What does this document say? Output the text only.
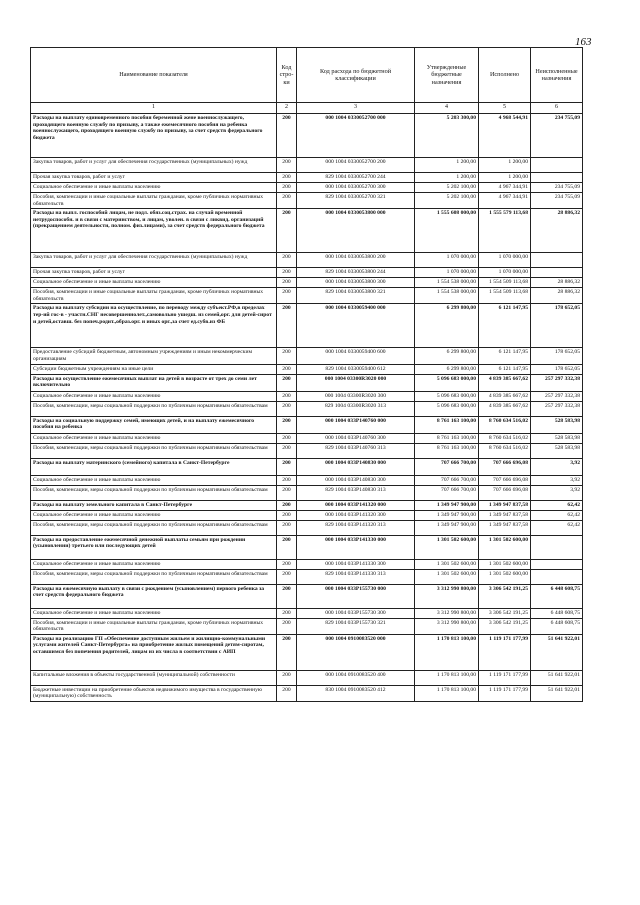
163
Наименование показателя	Код стро-ки	Код расхода по бюджетной классификации	Утвержденные бюджетные назначения	Исполнено	Неисполненные назначения
1	2	3	4	5	6
Расходы на выплату единовременного пособия беременной жене военнослужащего, проходящего военную службу по призыву, а также ежемесячного пособия на ребенка военнослужащего, проходящего военную службу по призыву, за счет средств федерального бюджета	200	000 1004 0330052700 000	5 203 300,00	4 968 544,91	234 755,09
Закупка товаров, работ и услуг для обеспечения государственных (муниципальных) нужд	200	000 1004 0330052700 200	1 200,00	1 200,00	
Прочая закупка товаров, работ и услуг	200	829 1004 0330052700 244	1 200,00	1 200,00	
Социальное обеспечение и иные выплаты населению	200	000 1004 0330052700 300	5 202 100,00	4 967 344,91	234 755,09
Пособия, компенсации и иные социальные выплаты гражданам, кроме публичных нормативных обязательств	200	829 1004 0330052700 321	5 202 100,00	4 967 344,91	234 755,09
Расходы на выпл. госпособий лицам, не подл. обяз.соц.страх. на случай временной нетрудоспособн. и в связи с материнством, и лицам, уволен. в связи с ликвид. организаций (прекращением деятельности, полном. физ.лицами), за счет средств федерального бюджета	200	000 1004 0330053800 000	1 555 608 000,00	1 555 579 113,68	28 886,32
Закупка товаров, работ и услуг для обеспечения государственных (муниципальных) нужд	200	000 1004 0330053800 200	1 070 000,00	1 070 000,00	
Прочая закупка товаров, работ и услуг	200	829 1004 0330053800 244	1 070 000,00	1 070 000,00	
Социальное обеспечение и иные выплаты населению	200	000 1004 0330053800 300	1 554 538 000,00	1 554 509 113,68	28 886,32
Пособия, компенсации и иные социальные выплаты гражданам, кроме публичных нормативных обязательств	200	829 1004 0330053800 321	1 554 538 000,00	1 554 509 113,68	28 886,32
Расходы на выплату субсидии на осуществление, по переводу между субъект.РФ,в пределах тер-ий гос-в - участн.СНГ несовершеннолет.,самовольно ушедш. из семей,орг. для детей-сирот и детей,оставш. без попеч.родит.,образ.орг. и иных орг.,за счет ед.субв.из ФБ	200	000 1004 0330059400 000	6 299 800,00	6 121 147,95	178 652,05
Предоставление субсидий бюджетным, автономным учреждениям и иным некоммерческим организациям	200	000 1004 0330059400 600	6 299 800,00	6 121 147,95	178 652,05
Субсидии бюджетным учреждениям на иные цели	200	829 1004 0330059400 612	6 299 800,00	6 121 147,95	178 652,05
Расходы на осуществление ежемесячных выплат на детей в возрасте от трех до семи лет включительно	200	000 1004 03300R3020 000	5 096 683 000,00	4 839 385 667,62	257 297 332,38
Социальное обеспечение и иные выплаты населению	200	000 1004 03300R3020 300	5 096 683 000,00	4 839 385 667,62	257 297 332,38
Пособия, компенсации, меры социальной поддержки по публичным нормативным обязательствам	200	829 1004 03300R3020 313	5 096 683 000,00	4 839 385 667,62	257 297 332,38
Расходы на социальную поддержку семей, имеющих детей, и на выплату ежемесячного пособия на ребенка	200	000 1004 033P140760 000	8 761 163 100,00	8 760 634 516,02	528 583,98
Социальное обеспечение и иные выплаты населению	200	000 1004 033P140760 300	8 761 163 100,00	8 760 634 516,02	528 583,98
Пособия, компенсации, меры социальной поддержки по публичным нормативным обязательствам	200	829 1004 033P140760 313	8 761 163 100,00	8 760 634 516,02	528 583,98
Расходы на выплату материнского (семейного) капитала в Санкт-Петербурге	200	000 1004 033P140830 000	707 666 700,00	707 666 696,08	3,92
Социальное обеспечение и иные выплаты населению	200	000 1004 033P140830 300	707 666 700,00	707 666 696,08	3,92
Пособия, компенсации, меры социальной поддержки по публичным нормативным обязательствам	200	829 1004 033P140830 313	707 666 700,00	707 666 696,08	3,92
Расходы на выплату земельного капитала в Санкт-Петербурге	200	000 1004 033P141320 000	1 349 947 900,00	1 349 947 837,58	62,42
Социальное обеспечение и иные выплаты населению	200	000 1004 033P141320 300	1 349 947 900,00	1 349 947 837,58	62,42
Пособия, компенсации, меры социальной поддержки по публичным нормативным обязательствам	200	829 1004 033P141320 313	1 349 947 900,00	1 349 947 837,58	62,42
Расходы на предоставление ежемесячной денежной выплаты семьям при рождении (усыновлении) третьего или последующих детей	200	000 1004 033P141330 000	1 301 502 600,00	1 301 502 600,00	
Социальное обеспечение и иные выплаты населению	200	000 1004 033P141330 300	1 301 502 600,00	1 301 502 600,00	
Пособия, компенсации, меры социальной поддержки по публичным нормативным обязательствам	200	829 1004 033P141330 313	1 301 502 600,00	1 301 502 600,00	
Расходы на ежемесячную выплату в связи с рождением (усыновлением) первого ребенка за счет средств федерального бюджета	200	000 1004 033P155730 000	3 312 990 800,00	3 306 542 191,25	6 448 608,75
Социальное обеспечение и иные выплаты населению	200	000 1004 033P155730 300	3 312 990 800,00	3 306 542 191,25	6 448 608,75
Пособия, компенсации и иные социальные выплаты гражданам, кроме публичных нормативных обязательств	200	829 1004 033P155730 321	3 312 990 800,00	3 306 542 191,25	6 448 608,75
Расходы на реализацию ГП «Обеспечение доступным жильем и жилищно-коммунальными услугами жителей Санкт-Петербурга» на приобретение жилых помещений детям-сиротам, оставшимся без попечения родителей, лицам из их числа в соответствии с АИП	200	000 1004 0910083520 000	1 170 813 100,00	1 119 171 177,99	51 641 922,01
Капитальные вложения в объекты государственной (муниципальной) собственности	200	000 1004 0910083520 400	1 170 813 100,00	1 119 171 177,99	51 641 922,01
Бюджетные инвестиции на приобретение объектов недвижимого имущества в государственную (муниципальную) собственность	200	830 1004 0910083520 412	1 170 813 100,00	1 119 171 177,99	51 641 922,01
